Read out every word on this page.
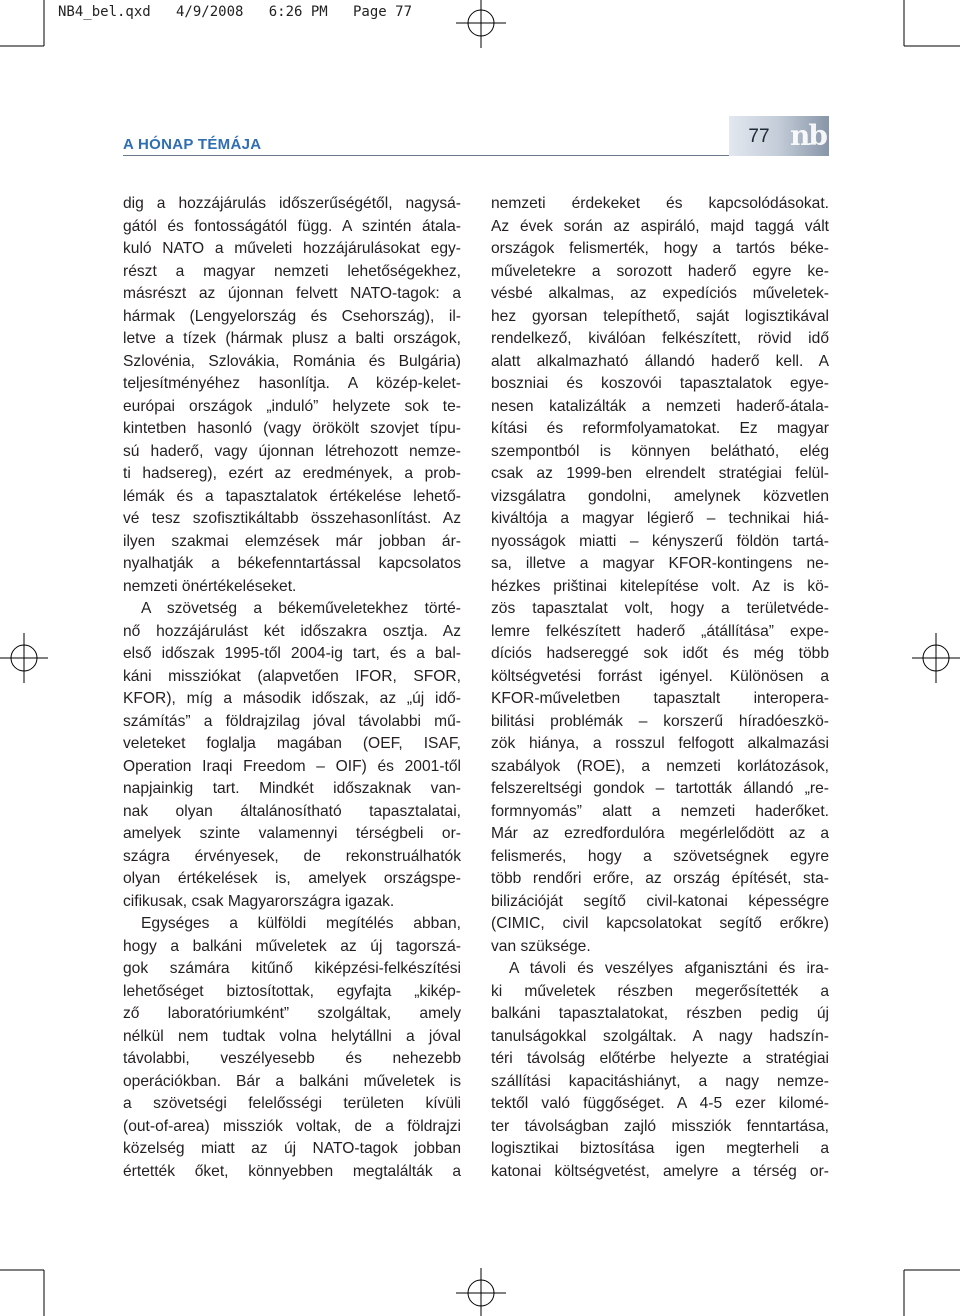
NB4_bel.qxd   4/9/2008   6:26 PM   Page 77
A HÓNAP TÉMÁJA	77 nb
dig a hozzájárulás időszerűségétől, nagysá-
gától és fontosságától függ. A szintén átala-
kuló NATO a műveleti hozzájárulásokat egy-
részt a magyar nemzeti lehetőségekhez,
másrészt az újonnan felvett NATO-tagok: a
hármak (Lengyelország és Csehország), il-
letve a tízek (hármak plusz a balti országok,
Szlovénia, Szlovákia, Románia és Bulgária)
teljesítményéhez hasonlítja. A közép-kelet-
európai országok „induló” helyzete sok te-
kintetben hasonló (vagy örökölt szovjet típu-
sú haderő, vagy újonnan létrehozott nemze-
ti hadsereg), ezért az eredmények, a prob-
lémák és a tapasztalatok értékelése lehető-
vé tesz szofisztikáltabb összehasonlítást. Az
ilyen szakmai elemzések már jobban ár-
nyalhatják a békefenntartással kapcsolatos
nemzeti önértékeléseket.
A szövetség a békeműveletekhez törté-
nő hozzájárulást két időszakra osztja. Az
első időszak 1995-től 2004-ig tart, és a bal-
káni missziókat (alapvetően IFOR, SFOR,
KFOR), míg a második időszak, az „új idő-
számítás” a földrajzilag jóval távolabbi mű-
veleteket foglalja magában (OEF, ISAF,
Operation Iraqi Freedom – OIF) és 2001-től
napjainkig tart. Mindkét időszaknak van-
nak olyan általánosítható tapasztalatai,
amelyek szinte valamennyi térségbeli or-
szágra érvényesek, de rekonstruálhatók
olyan értékelések is, amelyek országspe-
cifikusak, csak Magyarországra igazak.
Egységes a külföldi megítélés abban,
hogy a balkáni műveletek az új tagorszá-
gok számára kitűnő kiképzési-felkészítési
lehetőséget biztosítottak, egyfajta „kikép-
ző laboratóriumként” szolgáltak, amely
nélkül nem tudtak volna helytállni a jóval
távolabbi, veszélyesebb és nehezebb
operációkban. Bár a balkáni műveletek is
a szövetségi felelősségi területen kívüli
(out-of-area) missziók voltak, de a földrajzi
közelség miatt az új NATO-tagok jobban
értették őket, könnyebben megtalálták a
nemzeti érdekeket és kapcsolódásokat.
Az évek során az aspiráló, majd taggá vált
országok felismerték, hogy a tartós béke-
műveletekre a sorozott haderő egyre ke-
vésbé alkalmas, az expedíciós műveletek-
hez gyorsan telepíthető, saját logisztikával
rendelkező, kiválóan felkészített, rövid idő
alatt alkalmazható állandó haderő kell. A
boszniai és koszovói tapasztalatok egye-
nesen katalizálták a nemzeti haderő-átala-
kítási és reformfolyamatokat. Ez magyar
szempontból is könnyen belátható, elég
csak az 1999-ben elrendelt stratégiai felül-
vizsgálatra gondolni, amelynek közvetlen
kiváltója a magyar légierő – technikai hiá-
nyosságok miatti – kényszerű földön tartá-
sa, illetve a magyar KFOR-kontingens ne-
hézkes prištinai kitelepítése volt. Az is kö-
zös tapasztalat volt, hogy a területvéde-
lemre felkészített haderő „átállítása” expe-
díciós hadsereggé sok időt és még több
költségvetési forrást igényel. Különösen a
KFOR-műveletben tapasztalt interopera-
bilitási problémák – korszerű híradóeszkö-
zök hiánya, a rosszul felfogott alkalmazási
szabályok (ROE), a nemzeti korlátozások,
felszereltségi gondok – tartották állandó „re-
formnyomás” alatt a nemzeti haderőket.
Már az ezredfordulóra megérlelődött az a
felismerés, hogy a szövetségnek egyre
több rendőri erőre, az ország építését, sta-
bilizációját segítő civil-katonai képességre
(CIMIC, civil kapcsolatokat segítő erőkre)
van szüksége.
A távoli és veszélyes afganisztáni és ira-
ki műveletek részben megerősítették a
balkáni tapasztalatokat, részben pedig új
tanulságokkal szolgáltak. A nagy hadszín-
téri távolság előtérbe helyezte a stratégiai
szállítási kapacitáshiányt, a nagy nemze-
tektől való függőséget. A 4-5 ezer kilomé-
ter távolságban zajló missziók fenntartása,
logisztikai biztosítása igen megterheli a
katonai költségvetést, amelyre a térség or-
